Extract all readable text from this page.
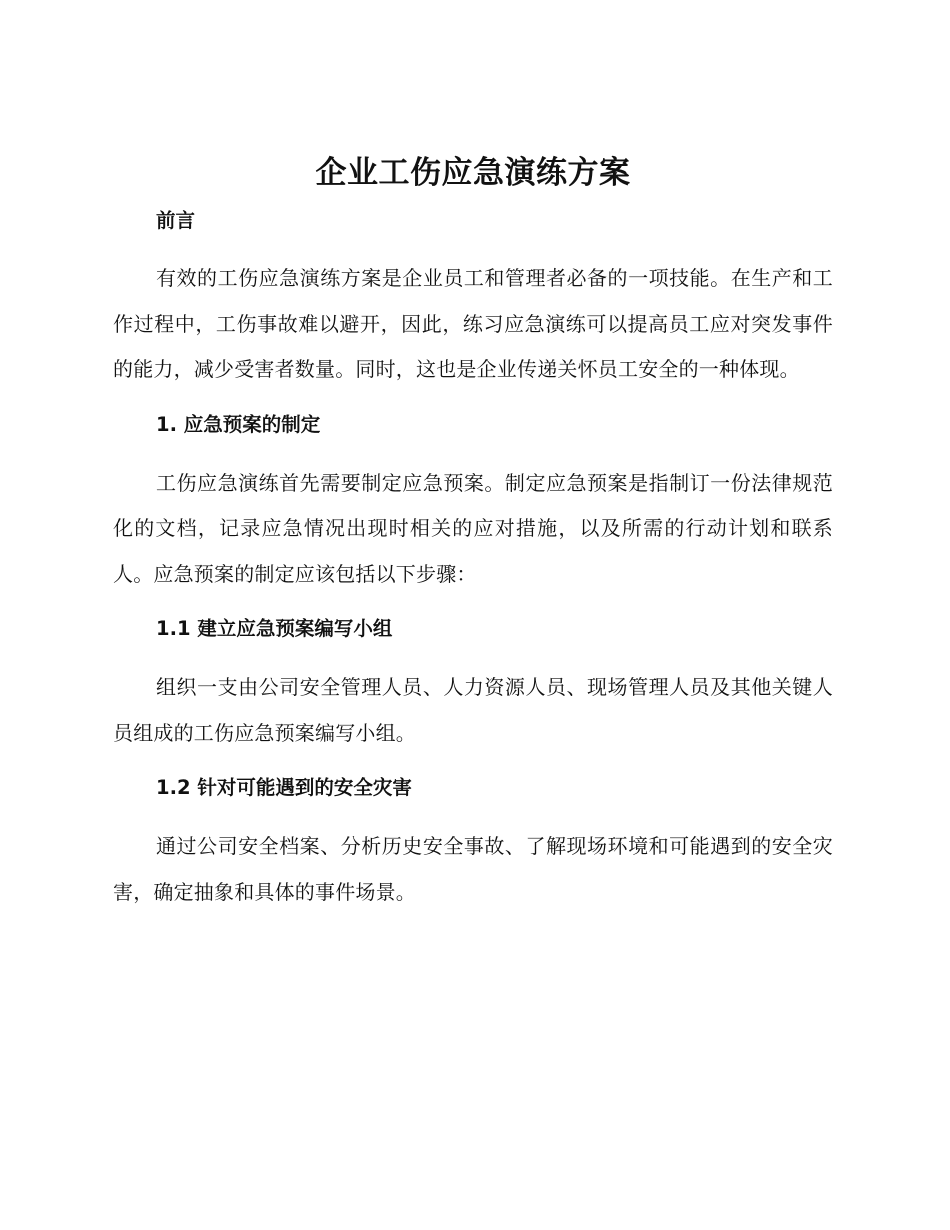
企业工伤应急演练方案
前言

有效的工伤应急演练方案是企业员工和管理者必备的一项技能。在生产和工作过程中，工伤事故难以避开，因此，练习应急演练可以提高员工应对突发事件的能力，减少受害者数量。同时，这也是企业传递关怀员工安全的一种体现。

1. 应急预案的制定

工伤应急演练首先需要制定应急预案。制定应急预案是指制订一份法律规范化的文档，记录应急情况出现时相关的应对措施，以及所需的行动计划和联系人。应急预案的制定应该包括以下步骤：

1.1 建立应急预案编写小组

组织一支由公司安全管理人员、人力资源人员、现场管理人员及其他关键人员组成的工伤应急预案编写小组。

1.2 针对可能遇到的安全灾害

通过公司安全档案、分析历史安全事故、了解现场环境和可能遇到的安全灾害，确定抽象和具体的事件场景。
